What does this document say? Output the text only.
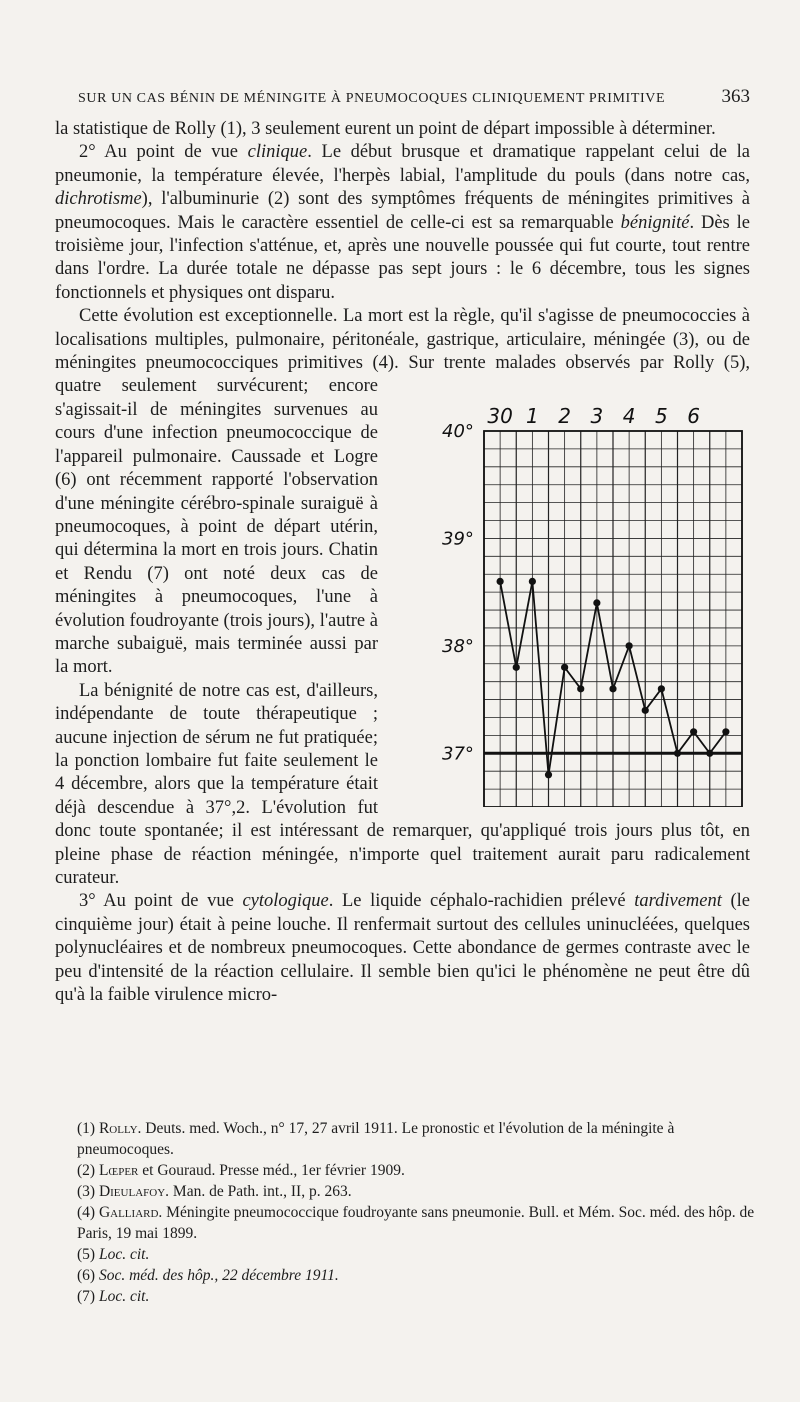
SUR UN CAS BÉNIN DE MÉNINGITE À PNEUMOCOQUES CLINIQUEMENT PRIMITIVE	363

la statistique de Rolly (1), 3 seulement eurent un point de départ impossible à déterminer.

2° Au point de vue clinique. Le début brusque et dramatique rappelant celui de la pneumonie, la température élevée, l'herpès labial, l'amplitude du pouls (dans notre cas, dichrotisme), l'albuminurie (2) sont des symptômes fréquents de méningites primitives à pneumocoques. Mais le caractère essentiel de celle-ci est sa remarquable bénignité. Dès le troisième jour, l'infection s'atténue, et, après une nouvelle poussée qui fut courte, tout rentre dans l'ordre. La durée totale ne dépasse pas sept jours : le 6 décembre, tous les signes fonctionnels et physiques ont disparu.

Cette évolution est exceptionnelle. La mort est la règle, qu'il s'agisse de pneumococcies à localisations multiples, pulmonaire, péritonéale, gastrique, articulaire, méningée (3), ou de méningites pneumococciques primitives (4).
30 1 2 3 4 5 6
40°
39°
38°
37°
Sur trente malades observés par Rolly (5), quatre seulement survécurent; encore s'agissait-il de méningites survenues au cours d'une infection pneumococcique de l'appareil pulmonaire. Caussade et Logre (6) ont récemment rapporté l'observation d'une méningite cérébro-spinale suraiguë à pneumocoques, à point de départ utérin, qui détermina la mort en trois jours. Chatin et Rendu (7) ont noté deux cas de méningites à pneumocoques, l'une à évolution foudroyante (trois jours), l'autre à marche subaiguë, mais terminée aussi par la mort.

La bénignité de notre cas est, d'ailleurs, indépendante de toute thérapeutique ; aucune injection de sérum ne fut pratiquée; la ponction lombaire fut faite seulement le 4 décembre, alors que la température était déjà descendue à 37°,2. L'évolution fut donc toute spontanée; il est intéressant de remarquer, qu'appliqué trois jours plus tôt, en pleine phase de réaction méningée, n'importe quel traitement aurait paru radicalement curateur.

3° Au point de vue cytologique. Le liquide céphalo-rachidien prélevé tardivement (le cinquième jour) était à peine louche. Il renfermait surtout des cellules uninucléées, quelques polynucléaires et de nombreux pneumocoques. Cette abondance de germes contraste avec le peu d'intensité de la réaction cellulaire. Il semble bien qu'ici le phénomène ne peut être dû qu'à la faible virulence micro-

(1) Rolly. Deuts. med. Woch., n° 17, 27 avril 1911. Le pronostic et l'évolution de la méningite à pneumocoques.

(2) Lœper et Gouraud. Presse méd., 1er février 1909.

(3) Dieulafoy. Man. de Path. int., II, p. 263.

(4) Galliard. Méningite pneumococcique foudroyante sans pneumonie. Bull. et Mém. Soc. méd. des hôp. de Paris, 19 mai 1899.

(5) Loc. cit.

(6) Soc. méd. des hôp., 22 décembre 1911.

(7) Loc. cit.
